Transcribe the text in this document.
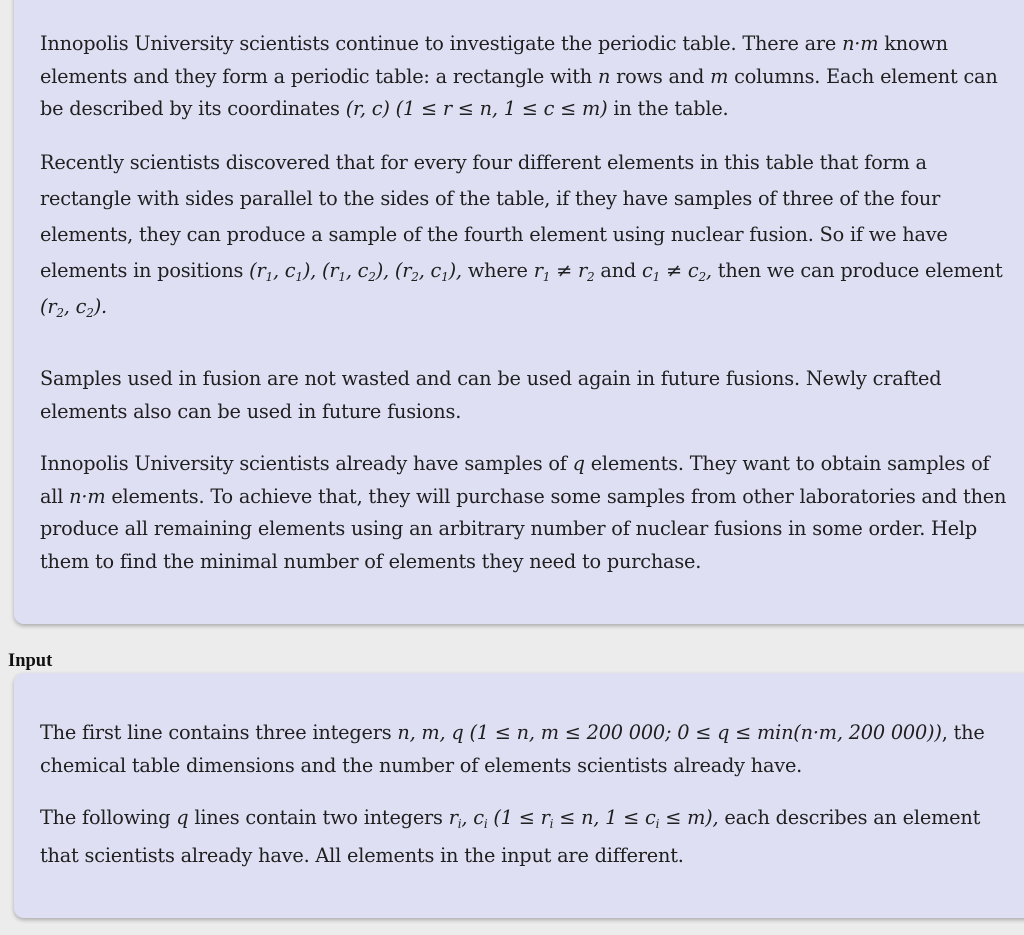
Innopolis University scientists continue to investigate the periodic table. There are n·m known elements and they form a periodic table: a rectangle with n rows and m columns. Each element can be described by its coordinates (r, c) (1 ≤ r ≤ n, 1 ≤ c ≤ m) in the table.

Recently scientists discovered that for every four different elements in this table that form a rectangle with sides parallel to the sides of the table, if they have samples of three of the four elements, they can produce a sample of the fourth element using nuclear fusion. So if we have elements in positions ($r_1$, $c_1$), ($r_1$, $c_2$), ($r_2$, $c_1$), where $r_1 \ne r_2$ and $c_1 \ne c_2$, then we can produce element ($r_2$, $c_2$).

Samples used in fusion are not wasted and can be used again in future fusions. Newly crafted elements also can be used in future fusions.

Innopolis University scientists already have samples of q elements. They want to obtain samples of all n·m elements. To achieve that, they will purchase some samples from other laboratories and then produce all remaining elements using an arbitrary number of nuclear fusions in some order. Help them to find the minimal number of elements they need to purchase.

Input

The first line contains three integers n, m, q (1 ≤ n, m ≤ 200 000; 0 ≤ q ≤ min(n·m, 200 000)), the chemical table dimensions and the number of elements scientists already have.

The following q lines contain two integers $r_i$, $c_i$ ($1 \le r_i \le n$, $1 \le c_i \le m$), each describes an element that scientists already have. All elements in the input are different.
